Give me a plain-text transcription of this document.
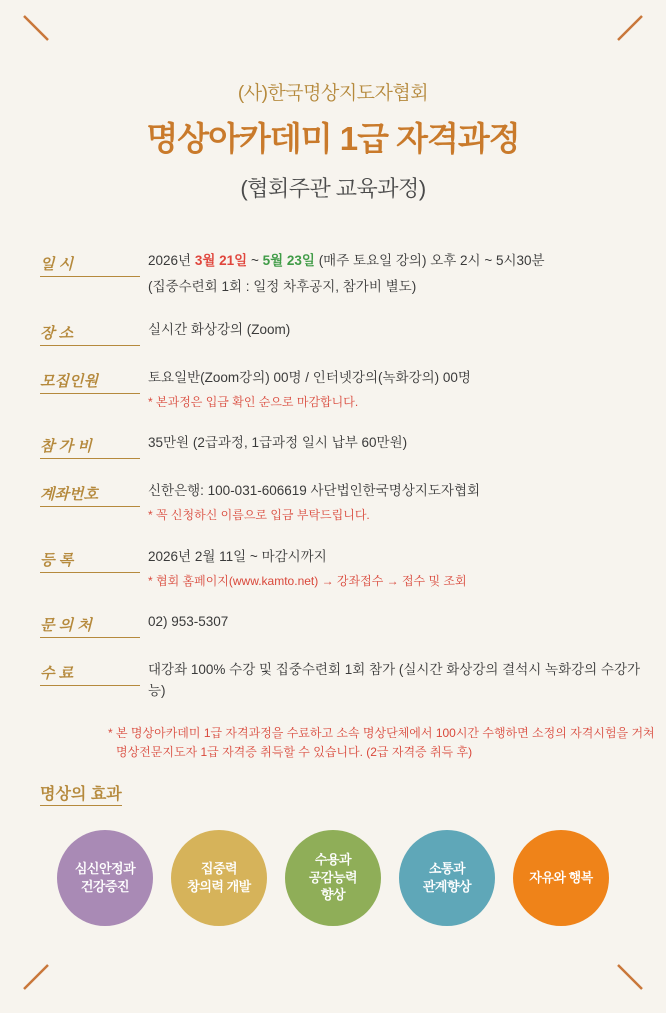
(사)한국명상지도자협회
명상아카데미 1급 자격과정
(협회주관 교육과정)
일 시	2026년 3월 21일 ~ 5월 23일 (매주 토요일 강의) 오후 2시 ~ 5시30분
(집중수련회 1회 : 일정 차후공지, 참가비 별도)
장 소	실시간 화상강의 (Zoom)
모집인원	토요일반(Zoom강의) 00명 / 인터넷강의(녹화강의) 00명
* 본과정은 입금 확인 순으로 마감합니다.
참 가 비	35만원 (2급과정, 1급과정 일시 납부 60만원)
계좌번호	신한은행: 100-031-606619 사단법인한국명상지도자협회
* 꼭 신청하신 이름으로 입금 부탁드립니다.
등 록	2026년 2월 11일 ~ 마감시까지
* 협회 홈페이지(www.kamto.net) → 강좌접수 → 접수 및 조회
문 의 처	02) 953-5307
수 료	대강좌 100% 수강 및 집중수련회 1회 참가 (실시간 화상강의 결석시 녹화강의 수강가능)
* 본 명상아카데미 1급 자격과정을 수료하고 소속 명상단체에서 100시간 수행하면 소정의 자격시험을 거쳐
명상전문지도자 1급 자격증 취득할 수 있습니다. (2급 자격증 취득 후)
명상의 효과
심신안정과
건강증진
집중력
창의력 개발
수용과
공감능력
향상
소통과
관계향상
자유와 행복
